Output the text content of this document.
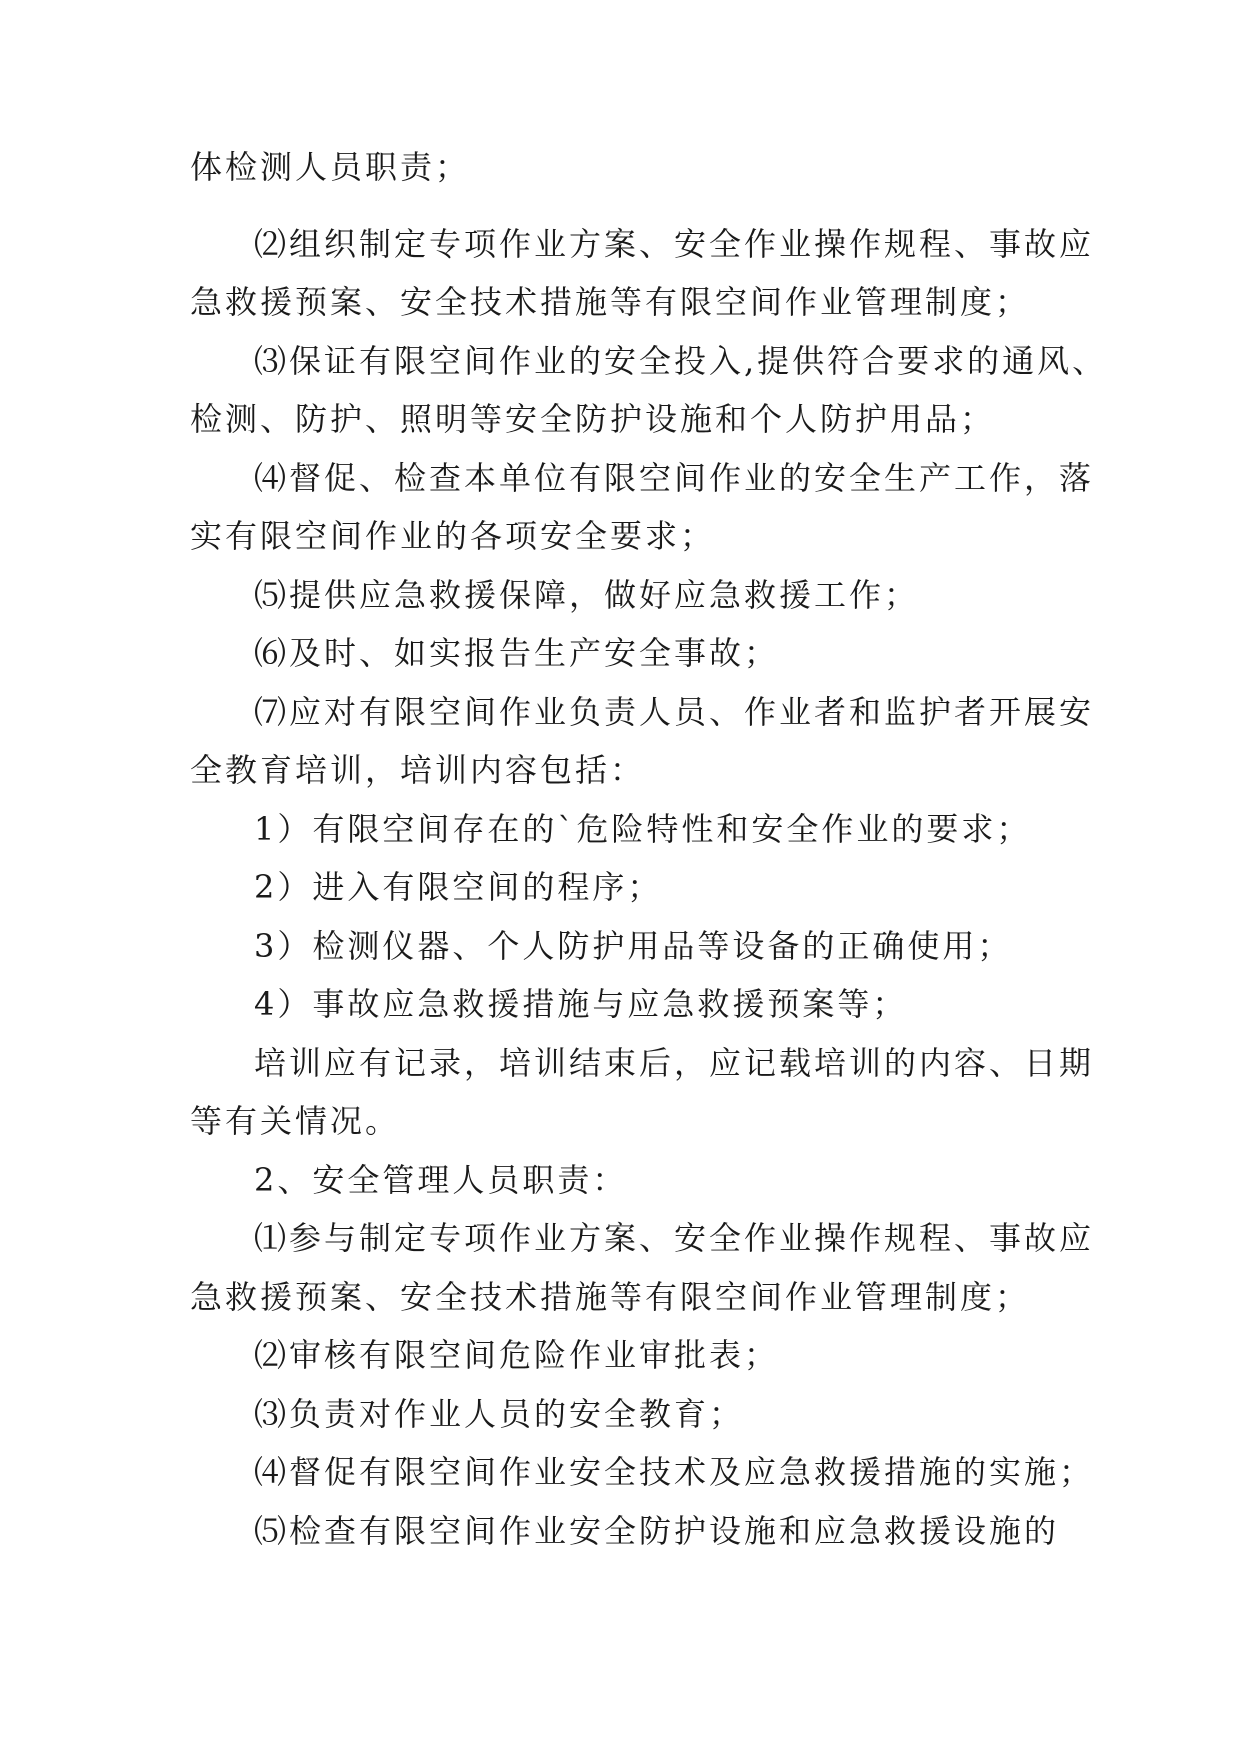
体检测人员职责；
⑵组织制定专项作业方案、安全作业操作规程、事故应
急救援预案、安全技术措施等有限空间作业管理制度；
⑶保证有限空间作业的安全投入,提供符合要求的通风、
检测、防护、照明等安全防护设施和个人防护用品；
⑷督促、检查本单位有限空间作业的安全生产工作，落
实有限空间作业的各项安全要求；
⑸提供应急救援保障，做好应急救援工作；
⑹及时、如实报告生产安全事故；
⑺应对有限空间作业负责人员、作业者和监护者开展安
全教育培训，培训内容包括：
1）有限空间存在的`危险特性和安全作业的要求；
2）进入有限空间的程序；
3）检测仪器、个人防护用品等设备的正确使用；
4）事故应急救援措施与应急救援预案等；
培训应有记录，培训结束后，应记载培训的内容、日期
等有关情况。
2、安全管理人员职责：
⑴参与制定专项作业方案、安全作业操作规程、事故应
急救援预案、安全技术措施等有限空间作业管理制度；
⑵审核有限空间危险作业审批表；
⑶负责对作业人员的安全教育；
⑷督促有限空间作业安全技术及应急救援措施的实施；
⑸检查有限空间作业安全防护设施和应急救援设施的
